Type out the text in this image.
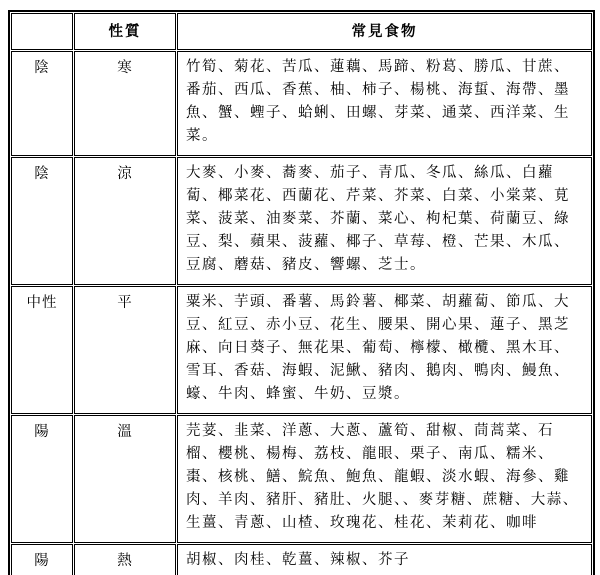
	性質	常見食物
陰	寒	竹筍、菊花、苦瓜、蓮藕、馬蹄、粉葛、勝瓜、甘蔗、番茄、西瓜、香蕉、柚、柿子、楊桃、海蜇、海帶、墨魚、蟹、蟶子、蛤蜊、田螺、芽菜、通菜、西洋菜、生菜。
陰	涼	大麥、小麥、蕎麥、茄子、青瓜、冬瓜、絲瓜、白蘿蔔、椰菜花、西蘭花、芹菜、芥菜、白菜、小棠菜、莧菜、菠菜、油麥菜、芥蘭、菜心、枸杞葉、荷蘭豆、綠豆、梨、蘋果、菠蘿、椰子、草莓、橙、芒果、木瓜、豆腐、蘑菇、豬皮、響螺、芝士。
中性	平	粟米、芋頭、番薯、馬鈴薯、椰菜、胡蘿蔔、節瓜、大豆、紅豆、赤小豆、花生、腰果、開心果、蓮子、黑芝麻、向日葵子、無花果、葡萄、檸檬、橄欖、黑木耳、雪耳、香菇、海蝦、泥鰍、豬肉、鵝肉、鴨肉、鰻魚、蠔、牛肉、蜂蜜、牛奶、豆漿。
陽	溫	芫荽、韭菜、洋蔥、大蔥、蘆筍、甜椒、茼蒿菜、石榴、櫻桃、楊梅、荔枝、龍眼、栗子、南瓜、糯米、棗、核桃、鱔、鯇魚、鮑魚、龍蝦、淡水蝦、海參、雞肉、羊肉、豬肝、豬肚、火腿、、麥芽糖、蔗糖、大蒜、生薑、青蔥、山楂、玫瑰花、桂花、茉莉花、咖啡
陽	熱	胡椒、肉桂、乾薑、辣椒、芥子
